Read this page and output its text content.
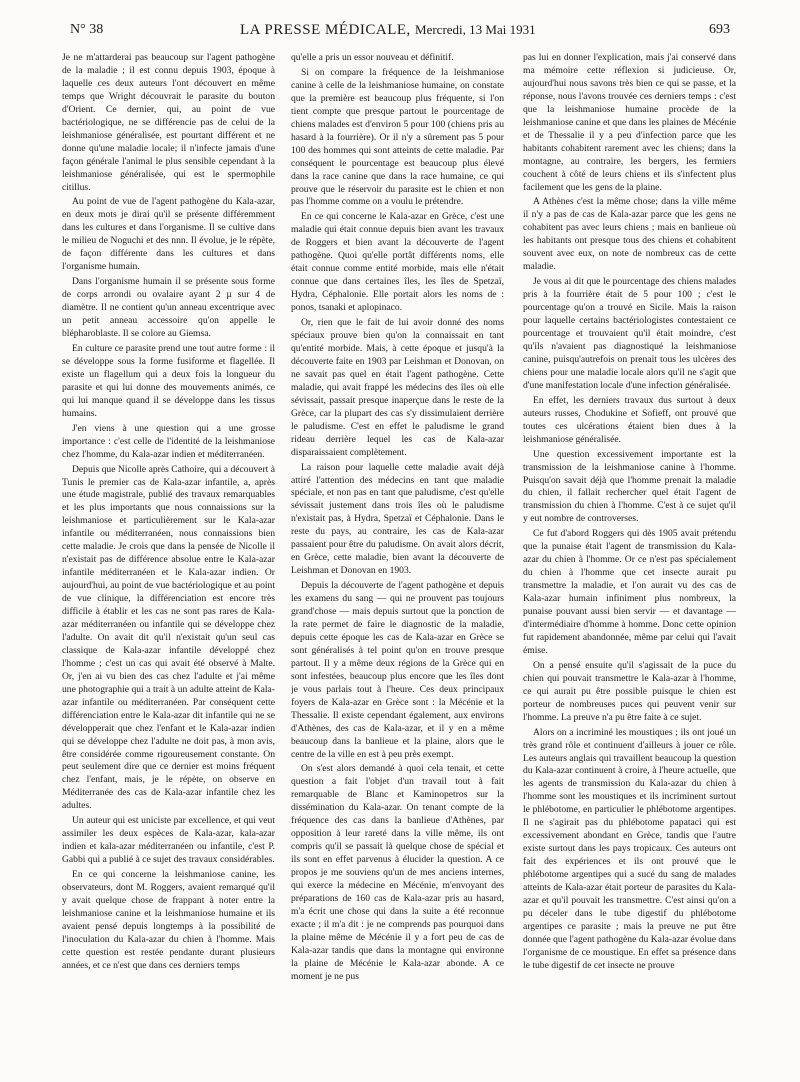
N° 38	LA PRESSE MÉDICALE, Mercredi, 13 Mai 1931	693

Je ne m'attarderai pas beaucoup sur l'agent pathogène de la maladie ; il est connu depuis 1903, époque à laquelle ces deux auteurs l'ont découvert en même temps que Wright découvrait le parasite du bouton d'Orient. Ce dernier, qui, au point de vue bactériologique, ne se différencie pas de celui de la leishmaniose généralisée, est pourtant différent et ne donne qu'une maladie locale; il n'infecte jamais d'une façon générale l'animal le plus sensible cependant à la leishmaniose généralisée, qui est le spermophile citillus.

Au point de vue de l'agent pathogène du Kala-azar, en deux mots je dirai qu'il se présente différemment dans les cultures et dans l'organisme. Il se cultive dans le milieu de Noguchi et des nnn. Il évolue, je le répète, de façon différente dans les cultures et dans l'organisme humain.

Dans l'organisme humain il se présente sous forme de corps arrondi ou ovalaire ayant 2 µ sur 4 de diamètre. Il ne contient qu'un anneau excentrique avec un petit anneau accessoire qu'on appelle le blépharoblaste. Il se colore au Giemsa.

En culture ce parasite prend une tout autre forme : il se développe sous la forme fusiforme et flagellée. Il existe un flagellum qui a deux fois la longueur du parasite et qui lui donne des mouvements animés, ce qui lui manque quand il se développe dans les tissus humains.

J'en viens à une question qui a une grosse importance : c'est celle de l'identité de la leishmaniose chez l'homme, du Kala-azar indien et méditerranéen.

Depuis que Nicolle après Cathoire, qui a découvert à Tunis le premier cas de Kala-azar infantile, a, après une étude magistrale, publié des travaux remarquables et les plus importants que nous connaissions sur la leishmaniose et particulièrement sur le Kala-azar infantile ou méditerranéen, nous connaissions bien cette maladie. Je crois que dans la pensée de Nicolle il n'existait pas de différence absolue entre le Kala-azar infantile méditerranéen et le Kala-azar indien. Or aujourd'hui, au point de vue bactériologique et au point de vue clinique, la différenciation est encore très difficile à établir et les cas ne sont pas rares de Kala-azar méditerranéen ou infantile qui se développe chez l'adulte. On avait dit qu'il n'existait qu'un seul cas classique de Kala-azar infantile développé chez l'homme ; c'est un cas qui avait été observé à Malte. Or, j'en ai vu bien des cas chez l'adulte et j'ai même une photographie qui a trait à un adulte atteint de Kala-azar infantile ou méditerranéen. Par conséquent cette différenciation entre le Kala-azar dit infantile qui ne se développerait que chez l'enfant et le Kala-azar indien qui se développe chez l'adulte ne doit pas, à mon avis, être considérée comme rigoureusement constante. On peut seulement dire que ce dernier est moins fréquent chez l'enfant, mais, je le répète, on observe en Méditerranée des cas de Kala-azar infantile chez les adultes.

Un auteur qui est uniciste par excellence, et qui veut assimiler les deux espèces de Kala-azar, kala-azar indien et kala-azar méditerranéen ou infantile, c'est P. Gabbi qui a publié à ce sujet des travaux considérables.

En ce qui concerne la leishmaniose canine, les observateurs, dont M. Roggers, avaient remarqué qu'il y avait quelque chose de frappant à noter entre la leishmaniose canine et la leishmaniose humaine et ils avaient pensé depuis longtemps à la possibilité de l'inoculation du Kala-azar du chien à l'homme. Mais cette question est restée pendante durant plusieurs années, et ce n'est que dans ces derniers temps

qu'elle a pris un essor nouveau et définitif.

Si on compare la fréquence de la leishmaniose canine à celle de la leishmaniose humaine, on constate que la première est beaucoup plus fréquente, si l'on tient compte que presque partout le pourcentage de chiens malades est d'environ 5 pour 100 (chiens pris au hasard à la fourrière). Or il n'y a sûrement pas 5 pour 100 des hommes qui sont atteints de cette maladie. Par conséquent le pourcentage est beaucoup plus élevé dans la race canine que dans la race humaine, ce qui prouve que le réservoir du parasite est le chien et non pas l'homme comme on a voulu le prétendre.

En ce qui concerne le Kala-azar en Grèce, c'est une maladie qui était connue depuis bien avant les travaux de Roggers et bien avant la découverte de l'agent pathogène. Quoi qu'elle portât différents noms, elle était connue comme entité morbide, mais elle n'était connue que dans certaines îles, les îles de Spetzaï, Hydra, Céphalonie. Elle portait alors les noms de : ponos, tsanaki et aplopinaco.

Or, rien que le fait de lui avoir donné des noms spéciaux prouve bien qu'on la connaissait en tant qu'entité morbide. Mais, à cette époque et jusqu'à la découverte faite en 1903 par Leishman et Donovan, on ne savait pas quel en était l'agent pathogène. Cette maladie, qui avait frappé les médecins des îles où elle sévissait, passait presque inaperçue dans le reste de la Grèce, car la plupart des cas s'y dissimulaient derrière le paludisme. C'est en effet le paludisme le grand rideau derrière lequel les cas de Kala-azar disparaissaient complètement.

La raison pour laquelle cette maladie avait déjà attiré l'attention des médecins en tant que maladie spéciale, et non pas en tant que paludisme, c'est qu'elle sévissait justement dans trois îles où le paludisme n'existait pas, à Hydra, Spetzaï et Céphalonie. Dans le reste du pays, au contraire, les cas de Kala-azar passaient pour être du paludisme. On avait alors décrit, en Grèce, cette maladie, bien avant la découverte de Leishman et Donovan en 1903.

Depuis la découverte de l'agent pathogène et depuis les examens du sang — qui ne prouvent pas toujours grand'chose — mais depuis surtout que la ponction de la rate permet de faire le diagnostic de la maladie, depuis cette époque les cas de Kala-azar en Grèce se sont généralisés à tel point qu'on en trouve presque partout. Il y a même deux régions de la Grèce qui en sont infestées, beaucoup plus encore que les îles dont je vous parlais tout à l'heure. Ces deux principaux foyers de Kala-azar en Grèce sont : la Mécénie et la Thessalie. Il existe cependant également, aux environs d'Athènes, des cas de Kala-azar, et il y en a même beaucoup dans la banlieue et la plaine, alors que le centre de la ville en est à peu près exempt.

On s'est alors demandé à quoi cela tenait, et cette question a fait l'objet d'un travail tout à fait remarquable de Blanc et Kaminopetros sur la dissémination du Kala-azar. On tenant compte de la fréquence des cas dans la banlieue d'Athènes, par opposition à leur rareté dans la ville même, ils ont compris qu'il se passait là quelque chose de spécial et ils sont en effet parvenus à élucider la question. A ce propos je me souviens qu'un de mes anciens internes, qui exerce la médecine en Mécénie, m'envoyant des préparations de 160 cas de Kala-azar pris au hasard, m'a écrit une chose qui dans la suite a été reconnue exacte ; il m'a dit : je ne comprends pas pourquoi dans la plaine même de Mécénie il y a fort peu de cas de Kala-azar tandis que dans la montagne qui environne la plaine de Mécénie le Kala-azar abonde. A ce moment je ne pus

pas lui en donner l'explication, mais j'ai conservé dans ma mémoire cette réflexion si judicieuse. Or, aujourd'hui nous savons très bien ce qui se passe, et la réponse, nous l'avons trouvée ces derniers temps : c'est que la leishmaniose humaine procède de la leishmaniose canine et que dans les plaines de Mécénie et de Thessalie il y a peu d'infection parce que les habitants cohabitent rarement avec les chiens; dans la montagne, au contraire, les bergers, les fermiers couchent à côté de leurs chiens et ils s'infectent plus facilement que les gens de la plaine.

A Athènes c'est la même chose; dans la ville même il n'y a pas de cas de Kala-azar parce que les gens ne cohabitent pas avec leurs chiens ; mais en banlieue où les habitants ont presque tous des chiens et cohabitent souvent avec eux, on note de nombreux cas de cette maladie.

Je vous ai dit que le pourcentage des chiens malades pris à la fourrière était de 5 pour 100 ; c'est le pourcentage qu'on a trouvé en Sicile. Mais la raison pour laquelle certains bactériologistes contestaient ce pourcentage et trouvaient qu'il était moindre, c'est qu'ils n'avaient pas diagnostiqué la leishmaniose canine, puisqu'autrefois on prenait tous les ulcères des chiens pour une maladie locale alors qu'il ne s'agit que d'une manifestation locale d'une infection généralisée.

En effet, les derniers travaux dus surtout à deux auteurs russes, Chodukine et Sofieff, ont prouvé que toutes ces ulcérations étaient bien dues à la leishmaniose généralisée.

Une question excessivement importante est la transmission de la leishmaniose canine à l'homme. Puisqu'on savait déjà que l'homme prenait la maladie du chien, il fallait rechercher quel était l'agent de transmission du chien à l'homme. C'est à ce sujet qu'il y eut nombre de controverses.

Ce fut d'abord Roggers qui dès 1905 avait prétendu que la punaise était l'agent de transmission du Kala-azar du chien à l'homme. Or ce n'est pas spécialement du chien à l'homme que cet insecte aurait pu transmettre la maladie, et l'on aurait vu des cas de Kala-azar humain infiniment plus nombreux, la punaise pouvant aussi bien servir — et davantage — d'intermédiaire d'homme à homme. Donc cette opinion fut rapidement abandonnée, même par celui qui l'avait émise.

On a pensé ensuite qu'il s'agissait de la puce du chien qui pouvait transmettre le Kala-azar à l'homme, ce qui aurait pu être possible puisque le chien est porteur de nombreuses puces qui peuvent venir sur l'homme. La preuve n'a pu être faite à ce sujet.

Alors on a incriminé les moustiques ; ils ont joué un très grand rôle et continuent d'ailleurs à jouer ce rôle. Les auteurs anglais qui travaillent beaucoup la question du Kala-azar continuent à croire, à l'heure actuelle, que les agents de transmission du Kala-azar du chien à l'homme sont les moustiques et ils incriminent surtout le phlébotome, en particulier le phlébotome argentipes. Il ne s'agirait pas du phlébotome papataci qui est excessivement abondant en Grèce, tandis que l'autre existe surtout dans les pays tropicaux. Ces auteurs ont fait des expériences et ils ont prouvé que le phlébotome argentipes qui a sucé du sang de malades atteints de Kala-azar était porteur de parasites du Kala-azar et qu'il pouvait les transmettre. C'est ainsi qu'on a pu déceler dans le tube digestif du phlébotome argentipes ce parasite ; mais la preuve ne put être donnée que l'agent pathogène du Kala-azar évolue dans l'organisme de ce moustique. En effet sa présence dans le tube digestif de cet insecte ne prouve
